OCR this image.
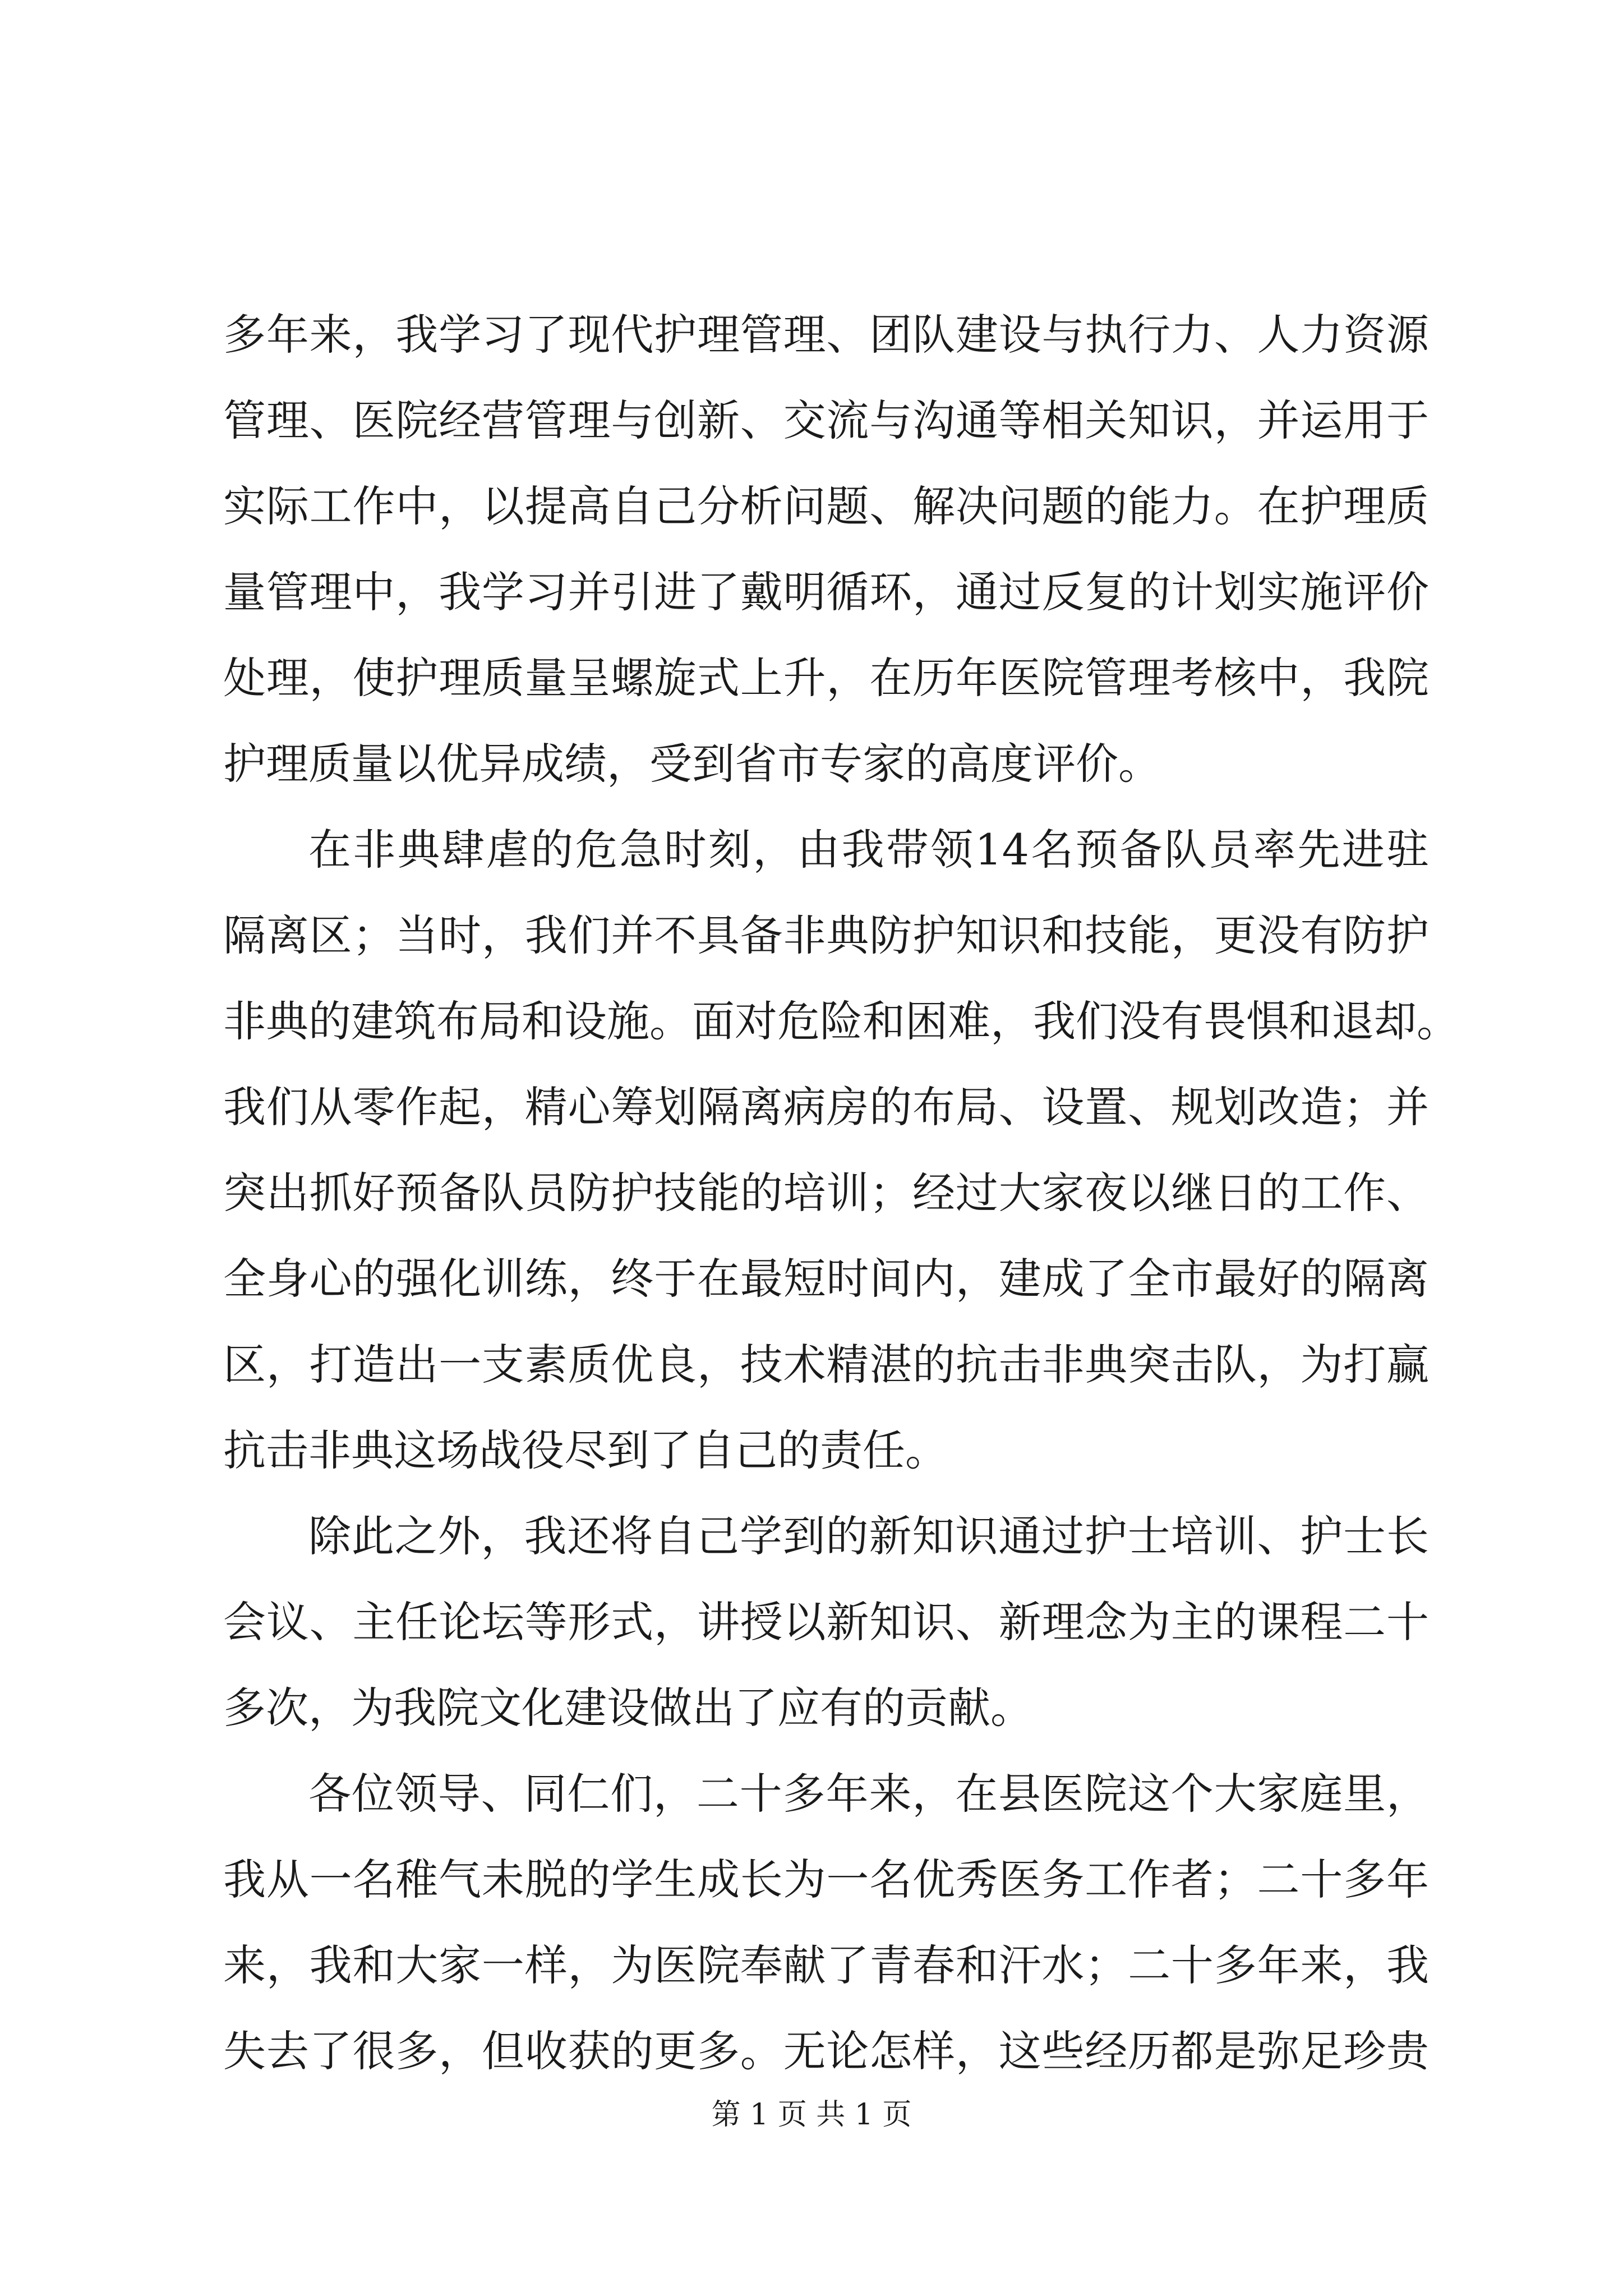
多年来，我学习了现代护理管理、团队建设与执行力、人力资源
管理、医院经营管理与创新、交流与沟通等相关知识，并运用于
实际工作中，以提高自己分析问题、解决问题的能力。在护理质
量管理中，我学习并引进了戴明循环，通过反复的计划实施评价
处理，使护理质量呈螺旋式上升，在历年医院管理考核中，我院
护理质量以优异成绩，受到省市专家的高度评价。
在非典肆虐的危急时刻，由我带领14名预备队员率先进驻
隔离区；当时，我们并不具备非典防护知识和技能，更没有防护
非典的建筑布局和设施。面对危险和困难，我们没有畏惧和退却。
我们从零作起，精心筹划隔离病房的布局、设置、规划改造；并
突出抓好预备队员防护技能的培训；经过大家夜以继日的工作、
全身心的强化训练，终于在最短时间内，建成了全市最好的隔离
区，打造出一支素质优良，技术精湛的抗击非典突击队，为打赢
抗击非典这场战役尽到了自己的责任。
除此之外，我还将自己学到的新知识通过护士培训、护士长
会议、主任论坛等形式，讲授以新知识、新理念为主的课程二十
多次，为我院文化建设做出了应有的贡献。
各位领导、同仁们，二十多年来，在县医院这个大家庭里，
我从一名稚气未脱的学生成长为一名优秀医务工作者；二十多年
来，我和大家一样，为医院奉献了青春和汗水；二十多年来，我
失去了很多，但收获的更多。无论怎样，这些经历都是弥足珍贵
第 1 页 共 1 页
